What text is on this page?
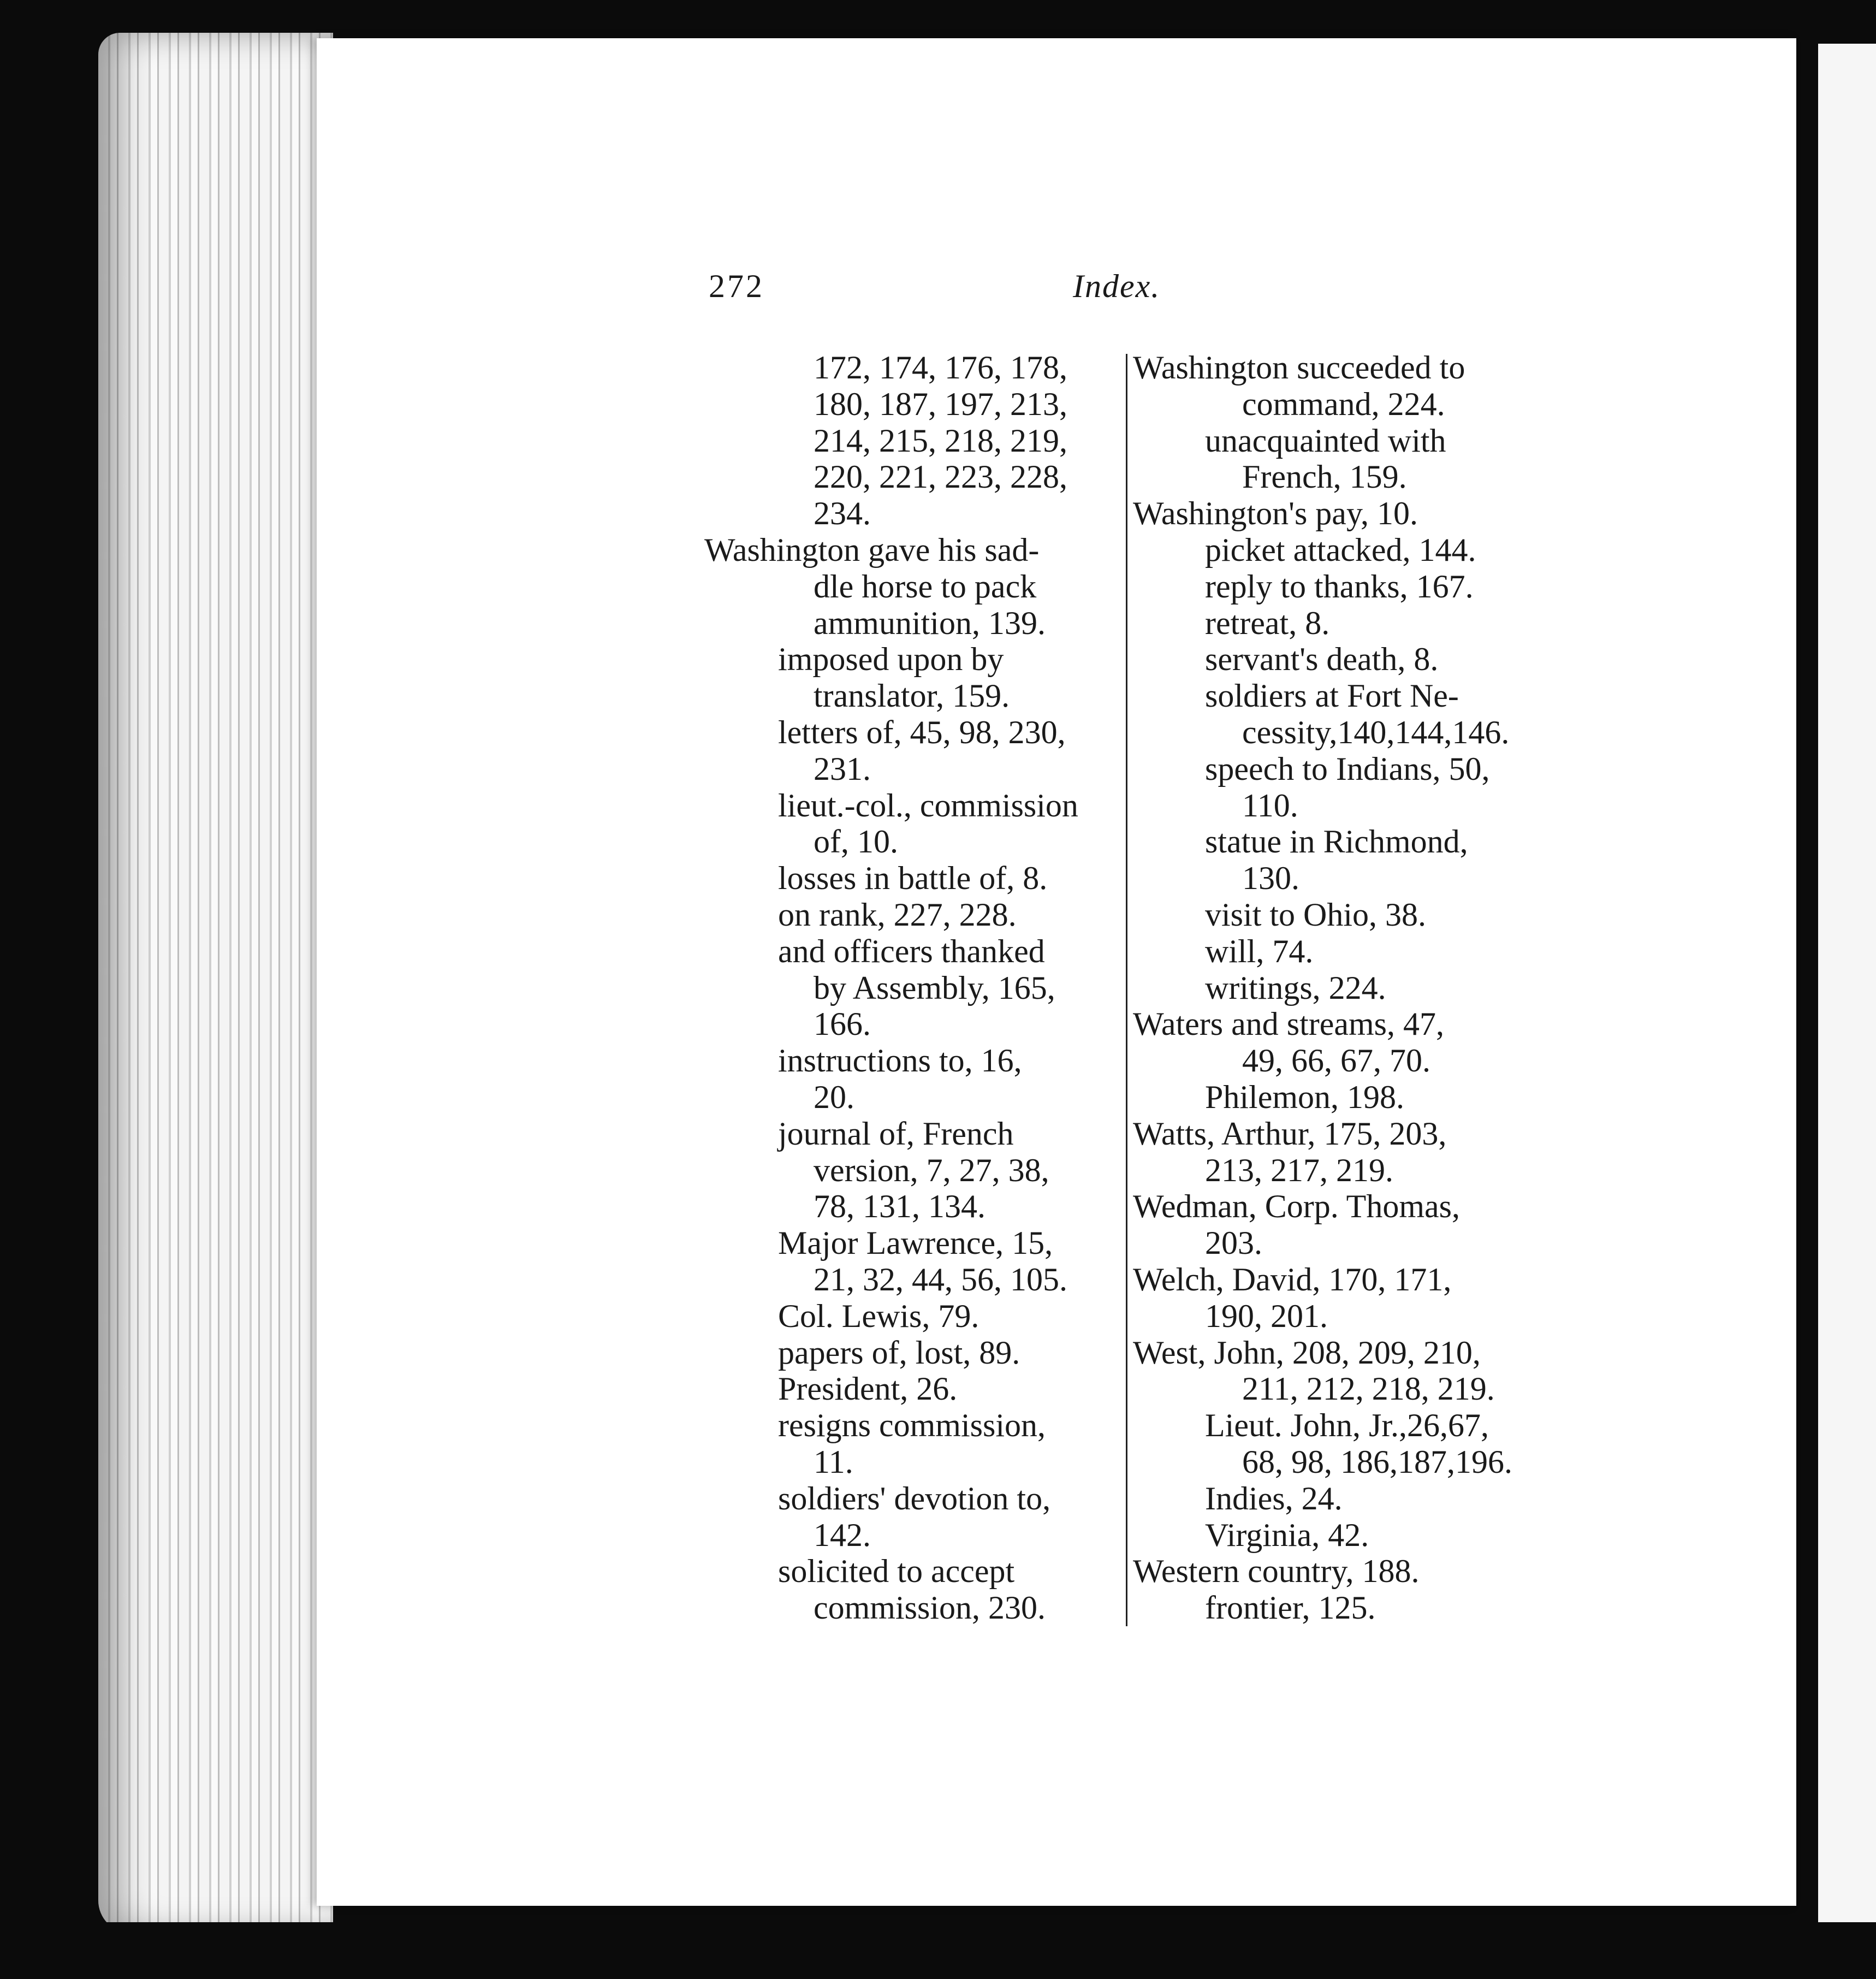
272	Index.
172, 174, 176, 178,
180, 187, 197, 213,
214, 215, 218, 219,
220, 221, 223, 228,
234.
Washington gave his sad-
dle horse to pack
ammunition, 139.
imposed upon by
translator, 159.
letters of, 45, 98, 230,
231.
lieut.-col., commission
of, 10.
losses in battle of, 8.
on rank, 227, 228.
and officers thanked
by Assembly, 165,
166.
instructions to, 16,
20.
journal of, French
version, 7, 27, 38,
78, 131, 134.
Major Lawrence, 15,
21, 32, 44, 56, 105.
Col. Lewis, 79.
papers of, lost, 89.
President, 26.
resigns commission,
11.
soldiers' devotion to,
142.
solicited to accept
commission, 230.
Washington succeeded to
command, 224.
unacquainted with
French, 159.
Washington's pay, 10.
picket attacked, 144.
reply to thanks, 167.
retreat, 8.
servant's death, 8.
soldiers at Fort Ne-
cessity,140,144,146.
speech to Indians, 50,
110.
statue in Richmond,
130.
visit to Ohio, 38.
will, 74.
writings, 224.
Waters and streams, 47,
49, 66, 67, 70.
Philemon, 198.
Watts, Arthur, 175, 203,
213, 217, 219.
Wedman, Corp. Thomas,
203.
Welch, David, 170, 171,
190, 201.
West, John, 208, 209, 210,
211, 212, 218, 219.
Lieut. John, Jr.,26,67,
68, 98, 186,187,196.
Indies, 24.
Virginia, 42.
Western country, 188.
frontier, 125.
